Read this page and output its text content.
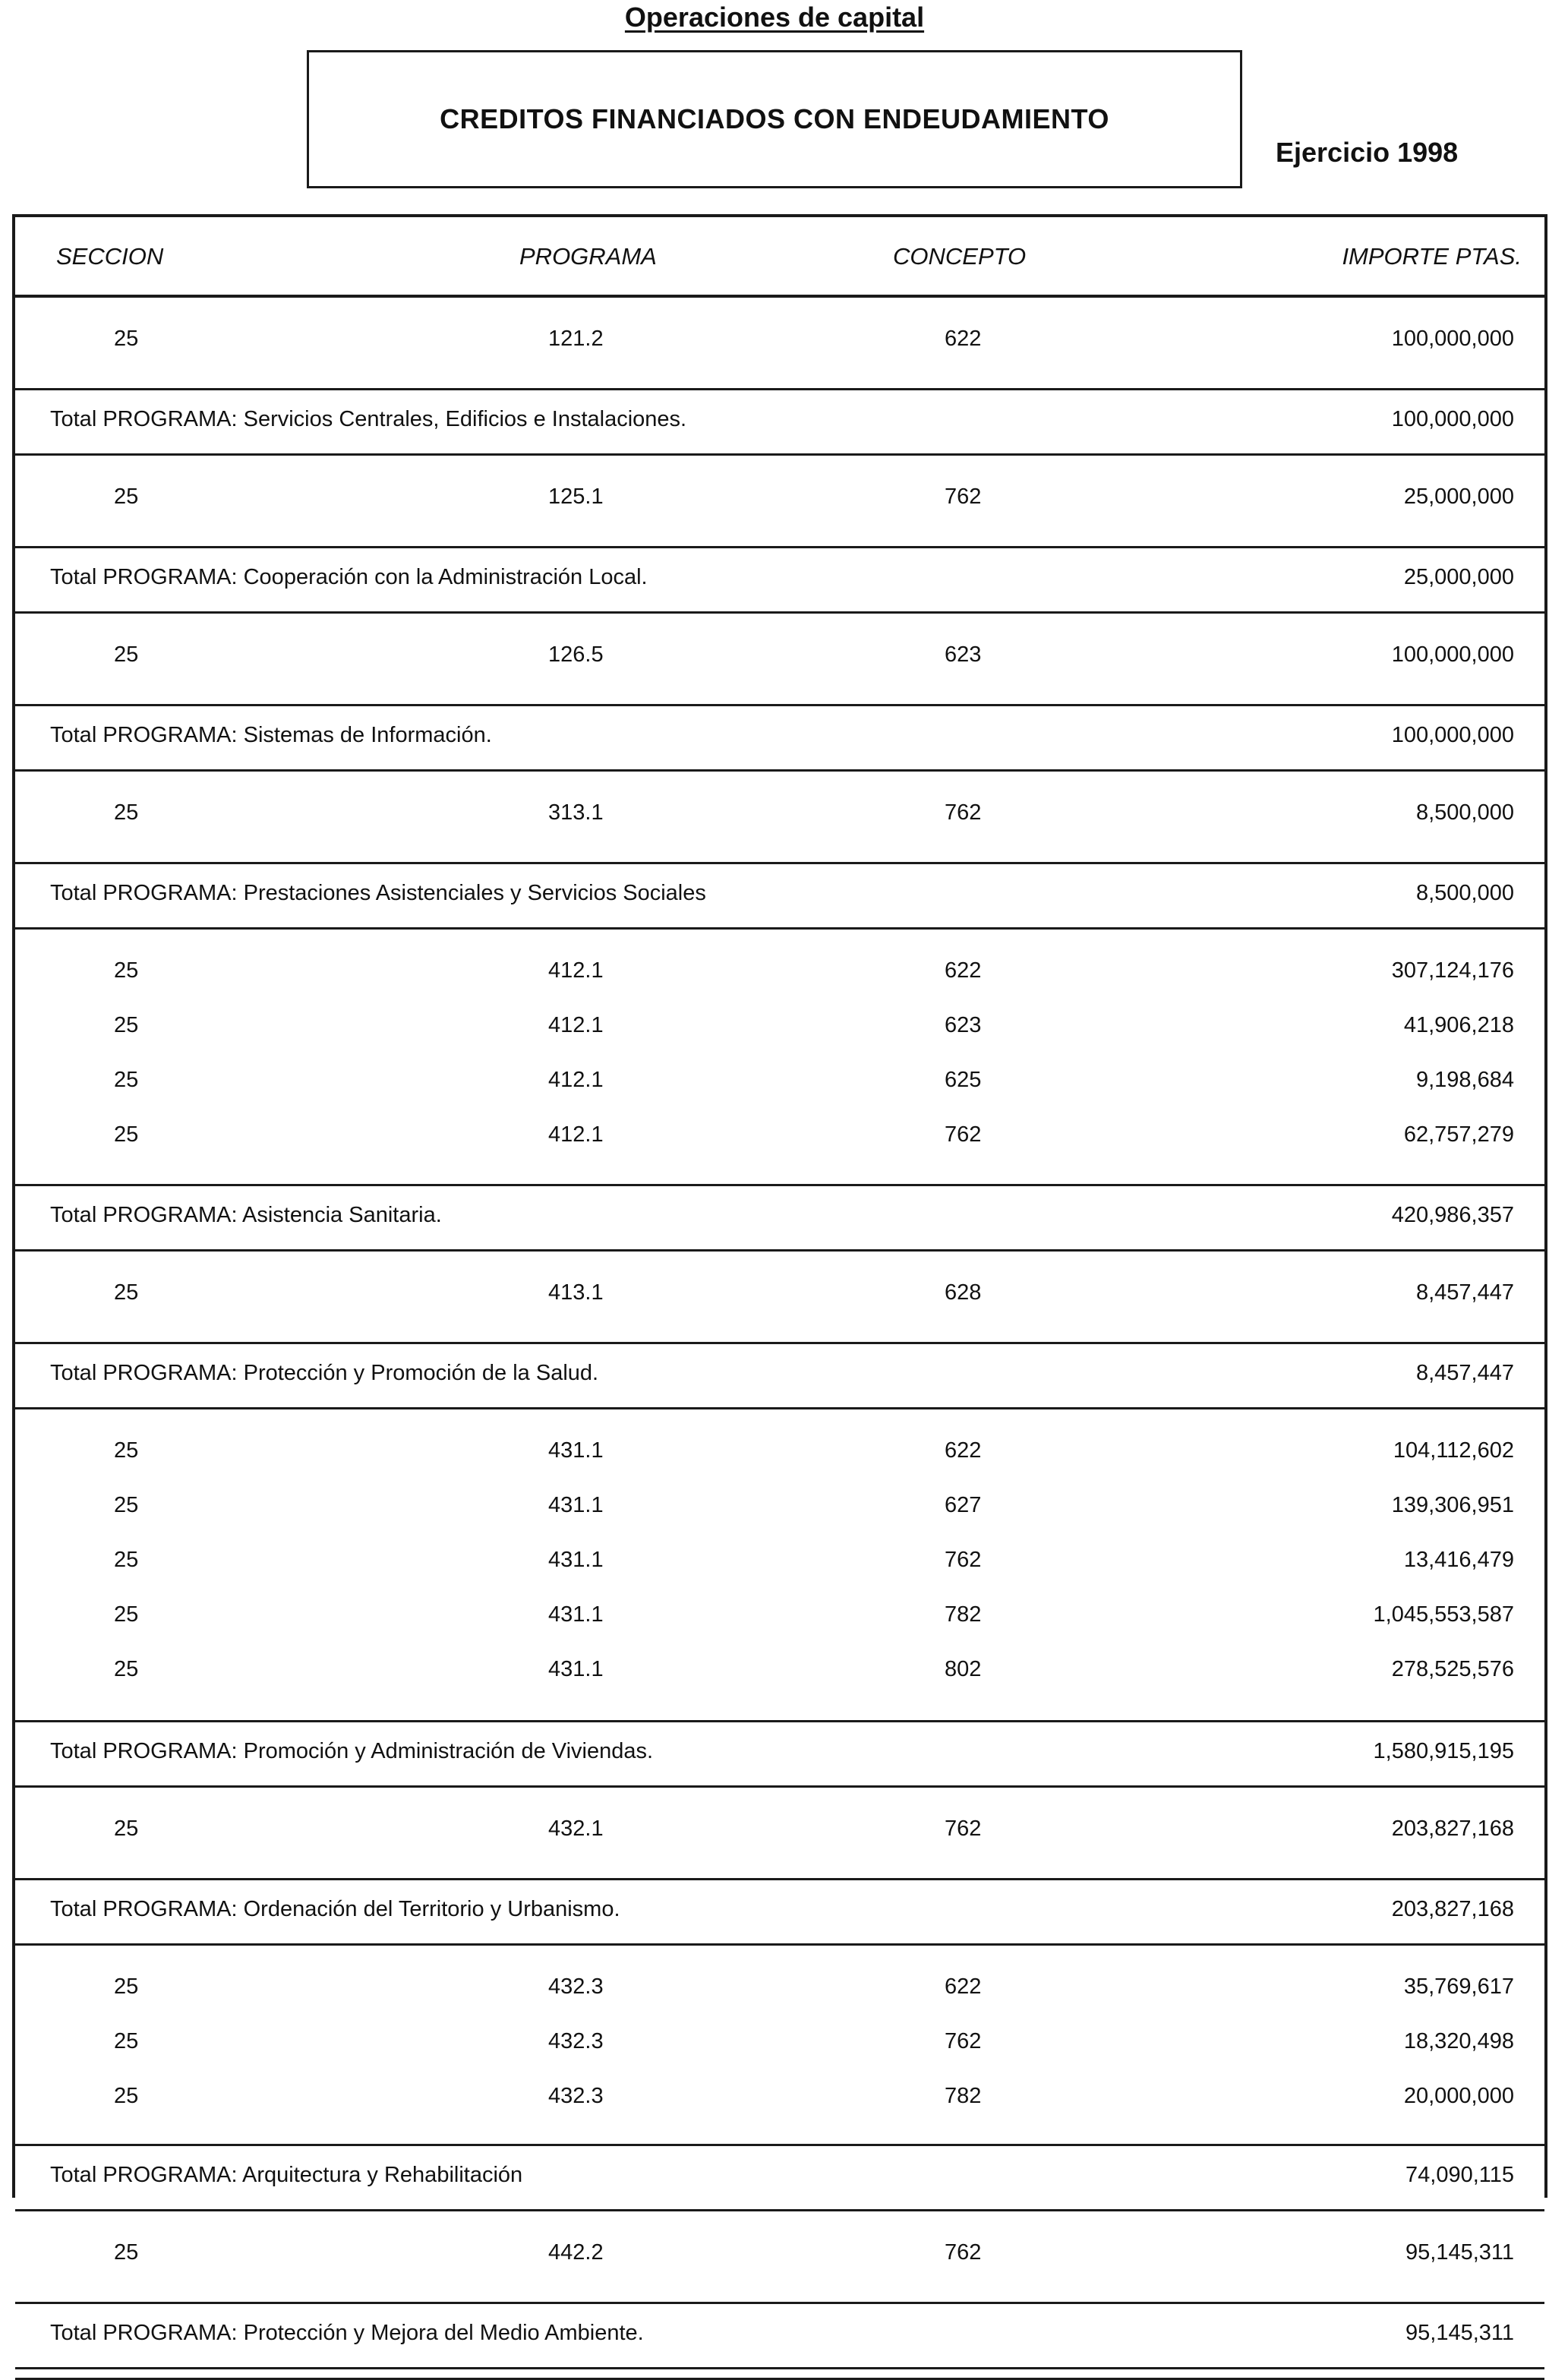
Operaciones de capital
CREDITOS FINANCIADOS CON ENDEUDAMIENTO
Ejercicio 1998
SECCION	PROGRAMA	CONCEPTO	IMPORTE PTAS.
25	121.2	622	100,000,000
Total PROGRAMA: Servicios Centrales, Edificios e Instalaciones.	100,000,000
25	125.1	762	25,000,000
Total PROGRAMA: Cooperación con la Administración Local.	25,000,000
25	126.5	623	100,000,000
Total PROGRAMA: Sistemas de Información.	100,000,000
25	313.1	762	8,500,000
Total PROGRAMA: Prestaciones Asistenciales y Servicios Sociales	8,500,000
25	412.1	622	307,124,176
25	412.1	623	41,906,218
25	412.1	625	9,198,684
25	412.1	762	62,757,279
Total PROGRAMA: Asistencia Sanitaria.	420,986,357
25	413.1	628	8,457,447
Total PROGRAMA: Protección y Promoción de la Salud.	8,457,447
25	431.1	622	104,112,602
25	431.1	627	139,306,951
25	431.1	762	13,416,479
25	431.1	782	1,045,553,587
25	431.1	802	278,525,576
Total PROGRAMA: Promoción y Administración de Viviendas.	1,580,915,195
25	432.1	762	203,827,168
Total PROGRAMA: Ordenación del Territorio y Urbanismo.	203,827,168
25	432.3	622	35,769,617
25	432.3	762	18,320,498
25	432.3	782	20,000,000
Total PROGRAMA: Arquitectura y Rehabilitación	74,090,115
25	442.2	762	95,145,311
Total PROGRAMA: Protección y Mejora del Medio Ambiente.	95,145,311
